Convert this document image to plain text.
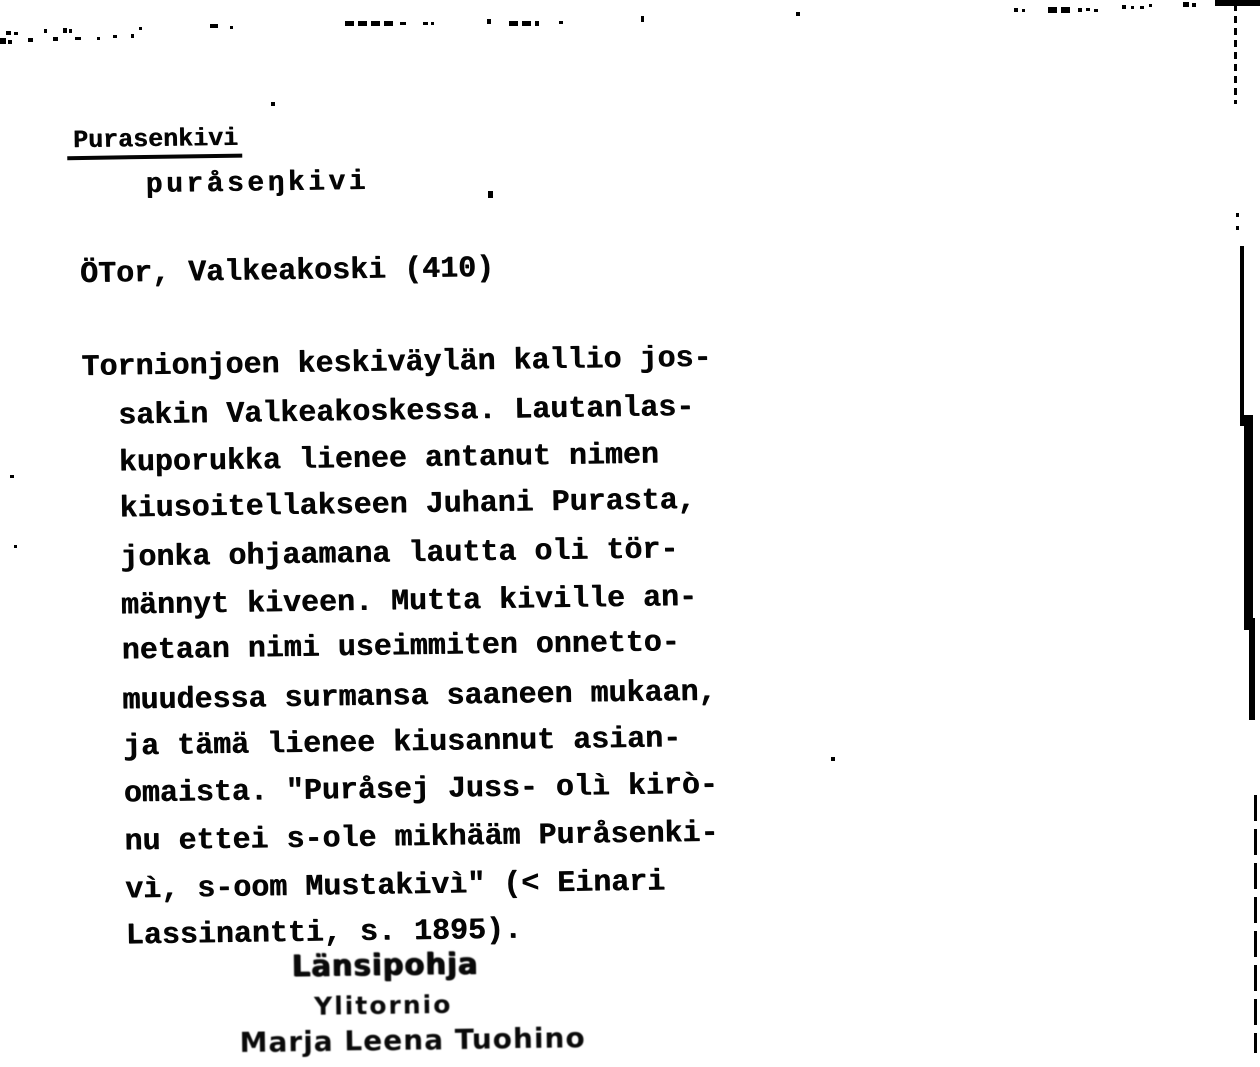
Purasenkivi
puråseŋkivi
ÖTor, Valkeakoski (410)
Tornionjoen keskiväylän kallio jos-
sakin Valkeakoskessa. Lautanlas-
kuporukka lienee antanut nimen
kiusoitellakseen Juhani Purasta,
jonka ohjaamana lautta oli tör-
männyt kiveen. Mutta kiville an-
netaan nimi useimmiten onnetto-
muudessa surmansa saaneen mukaan,
ja tämä lienee kiusannut asian-
omaista. "Puråsej Juss- olì kirò-
nu ettei s-ole mikhääm Puråsenki-
vì, s-oom Mustakivì" (< Einari
Lassinantti, s. 1895).
Länsipohja
Ylitornio
Marja Leena Tuohino
